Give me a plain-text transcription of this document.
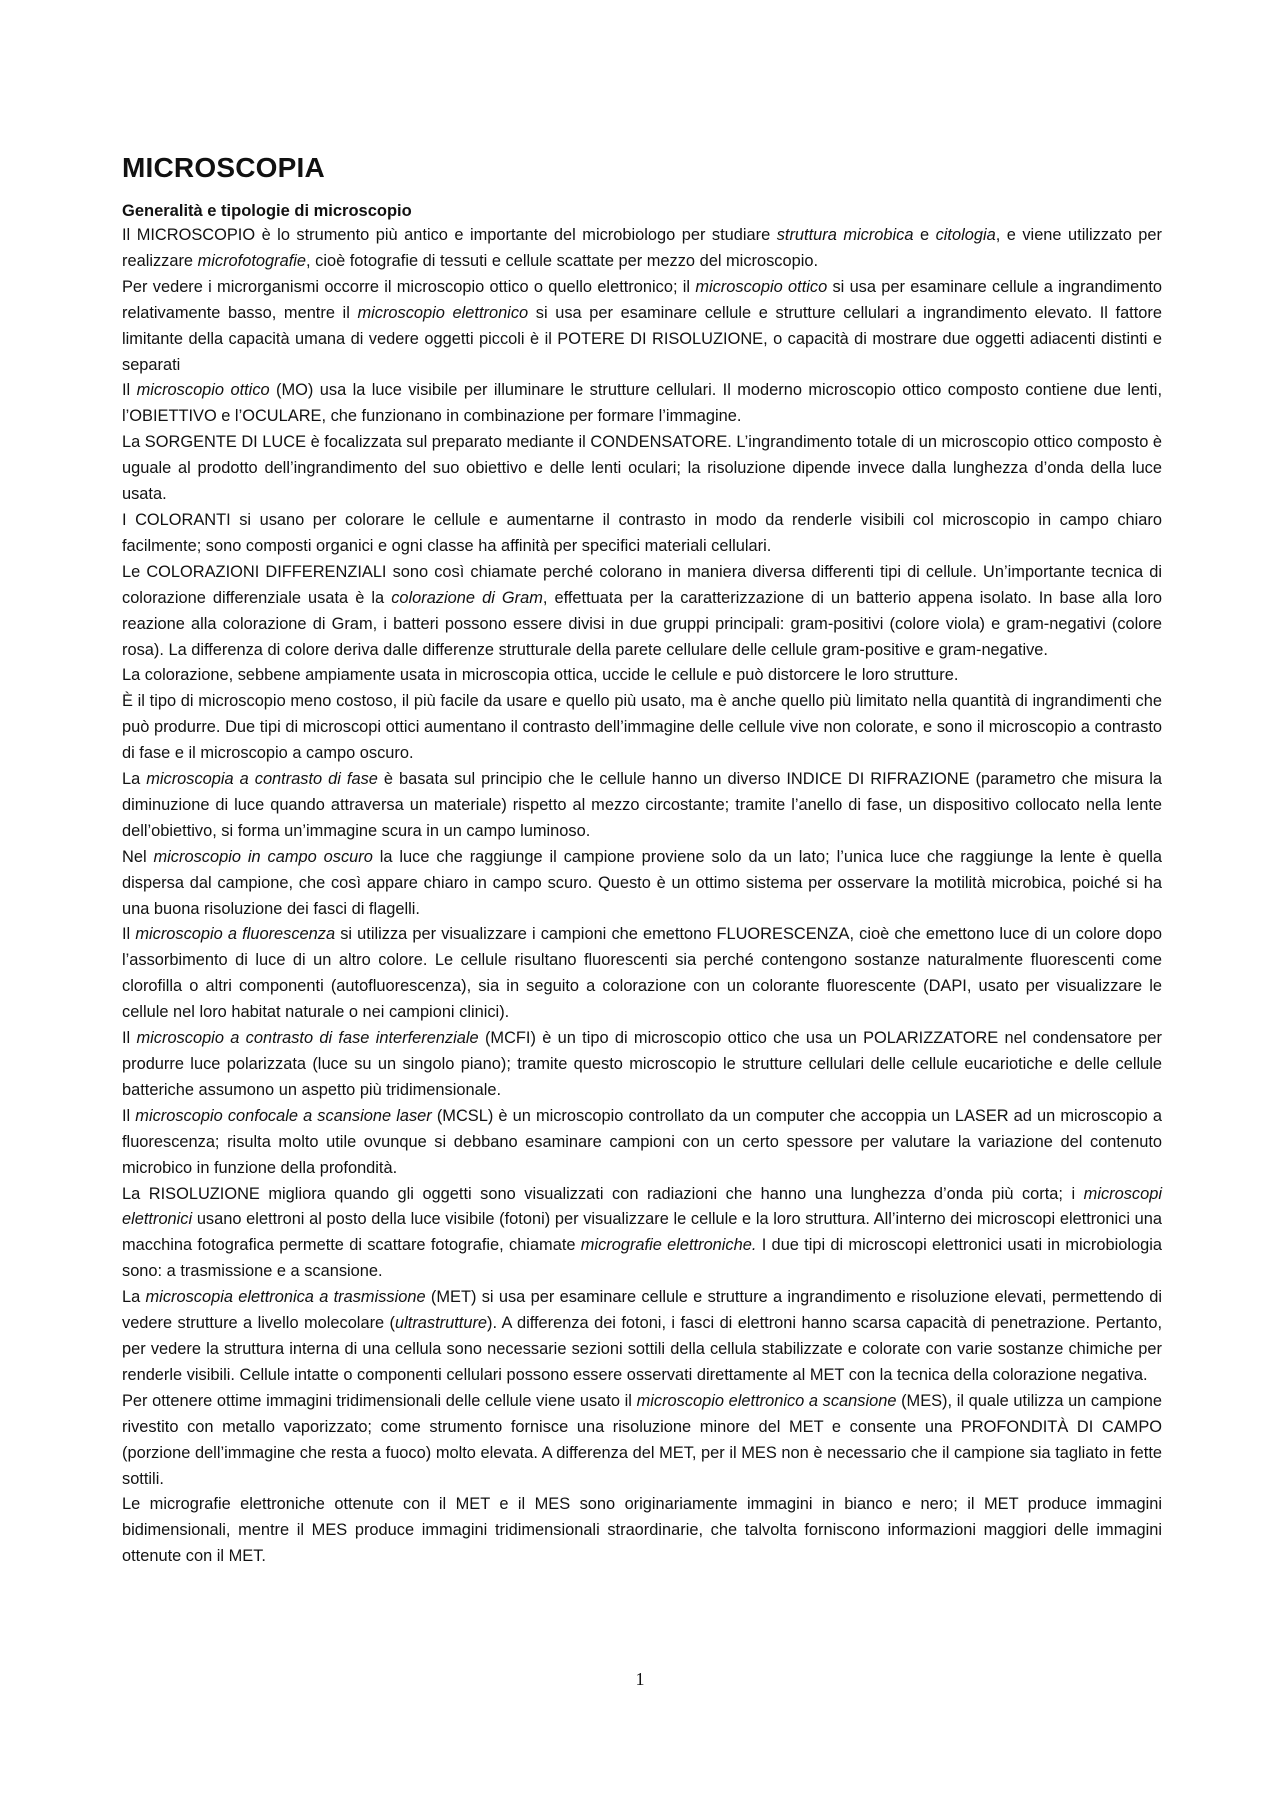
MICROSCOPIA
Generalità e tipologie di microscopio

Il MICROSCOPIO è lo strumento più antico e importante del microbiologo per studiare struttura microbica e citologia, e viene utilizzato per realizzare microfotografie, cioè fotografie di tessuti e cellule scattate per mezzo del microscopio.

Per vedere i microrganismi occorre il microscopio ottico o quello elettronico; il microscopio ottico si usa per esaminare cellule a ingrandimento relativamente basso, mentre il microscopio elettronico si usa per esaminare cellule e strutture cellulari a ingrandimento elevato. Il fattore limitante della capacità umana di vedere oggetti piccoli è il POTERE DI RISOLUZIONE, o capacità di mostrare due oggetti adiacenti distinti e separati

Il microscopio ottico (MO) usa la luce visibile per illuminare le strutture cellulari. Il moderno microscopio ottico composto contiene due lenti, l’OBIETTIVO e l’OCULARE, che funzionano in combinazione per formare l’immagine.

La SORGENTE DI LUCE è focalizzata sul preparato mediante il CONDENSATORE. L’ingrandimento totale di un microscopio ottico composto è uguale al prodotto dell’ingrandimento del suo obiettivo e delle lenti oculari; la risoluzione dipende invece dalla lunghezza d’onda della luce usata.

I COLORANTI si usano per colorare le cellule e aumentarne il contrasto in modo da renderle visibili col microscopio in campo chiaro facilmente; sono composti organici e ogni classe ha affinità per specifici materiali cellulari.

Le COLORAZIONI DIFFERENZIALI sono così chiamate perché colorano in maniera diversa differenti tipi di cellule. Un’importante tecnica di colorazione differenziale usata è la colorazione di Gram, effettuata per la caratterizzazione di un batterio appena isolato. In base alla loro reazione alla colorazione di Gram, i batteri possono essere divisi in due gruppi principali: gram-positivi (colore viola) e gram-negativi (colore rosa). La differenza di colore deriva dalle differenze strutturale della parete cellulare delle cellule gram-positive e gram-negative.

La colorazione, sebbene ampiamente usata in microscopia ottica, uccide le cellule e può distorcere le loro strutture.

È il tipo di microscopio meno costoso, il più facile da usare e quello più usato, ma è anche quello più limitato nella quantità di ingrandimenti che può produrre. Due tipi di microscopi ottici aumentano il contrasto dell’immagine delle cellule vive non colorate, e sono il microscopio a contrasto di fase e il microscopio a campo oscuro.

La microscopia a contrasto di fase è basata sul principio che le cellule hanno un diverso INDICE DI RIFRAZIONE (parametro che misura la diminuzione di luce quando attraversa un materiale) rispetto al mezzo circostante; tramite l’anello di fase, un dispositivo collocato nella lente dell’obiettivo, si forma un’immagine scura in un campo luminoso.

Nel microscopio in campo oscuro la luce che raggiunge il campione proviene solo da un lato; l’unica luce che raggiunge la lente è quella dispersa dal campione, che così appare chiaro in campo scuro. Questo è un ottimo sistema per osservare la motilità microbica, poiché si ha una buona risoluzione dei fasci di flagelli.

Il microscopio a fluorescenza si utilizza per visualizzare i campioni che emettono FLUORESCENZA, cioè che emettono luce di un colore dopo l’assorbimento di luce di un altro colore. Le cellule risultano fluorescenti sia perché contengono sostanze naturalmente fluorescenti come clorofilla o altri componenti (autofluorescenza), sia in seguito a colorazione con un colorante fluorescente (DAPI, usato per visualizzare le cellule nel loro habitat naturale o nei campioni clinici).

Il microscopio a contrasto di fase interferenziale (MCFI) è un tipo di microscopio ottico che usa un POLARIZZATORE nel condensatore per produrre luce polarizzata (luce su un singolo piano); tramite questo microscopio le strutture cellulari delle cellule eucariotiche e delle cellule batteriche assumono un aspetto più tridimensionale.

Il microscopio confocale a scansione laser (MCSL) è un microscopio controllato da un computer che accoppia un LASER ad un microscopio a fluorescenza; risulta molto utile ovunque si debbano esaminare campioni con un certo spessore per valutare la variazione del contenuto microbico in funzione della profondità.

La RISOLUZIONE migliora quando gli oggetti sono visualizzati con radiazioni che hanno una lunghezza d’onda più corta; i microscopi elettronici usano elettroni al posto della luce visibile (fotoni) per visualizzare le cellule e la loro struttura. All’interno dei microscopi elettronici una macchina fotografica permette di scattare fotografie, chiamate micrografie elettroniche. I due tipi di microscopi elettronici usati in microbiologia sono: a trasmissione e a scansione.

La microscopia elettronica a trasmissione (MET) si usa per esaminare cellule e strutture a ingrandimento e risoluzione elevati, permettendo di vedere strutture a livello molecolare (ultrastrutture). A differenza dei fotoni, i fasci di elettroni hanno scarsa capacità di penetrazione. Pertanto, per vedere la struttura interna di una cellula sono necessarie sezioni sottili della cellula stabilizzate e colorate con varie sostanze chimiche per renderle visibili. Cellule intatte o componenti cellulari possono essere osservati direttamente al MET con la tecnica della colorazione negativa.

Per ottenere ottime immagini tridimensionali delle cellule viene usato il microscopio elettronico a scansione (MES), il quale utilizza un campione rivestito con metallo vaporizzato; come strumento fornisce una risoluzione minore del MET e consente una PROFONDITÀ DI CAMPO (porzione dell’immagine che resta a fuoco) molto elevata. A differenza del MET, per il MES non è necessario che il campione sia tagliato in fette sottili.

Le micrografie elettroniche ottenute con il MET e il MES sono originariamente immagini in bianco e nero; il MET produce immagini bidimensionali, mentre il MES produce immagini tridimensionali straordinarie, che talvolta forniscono informazioni maggiori delle immagini ottenute con il MET.

1
